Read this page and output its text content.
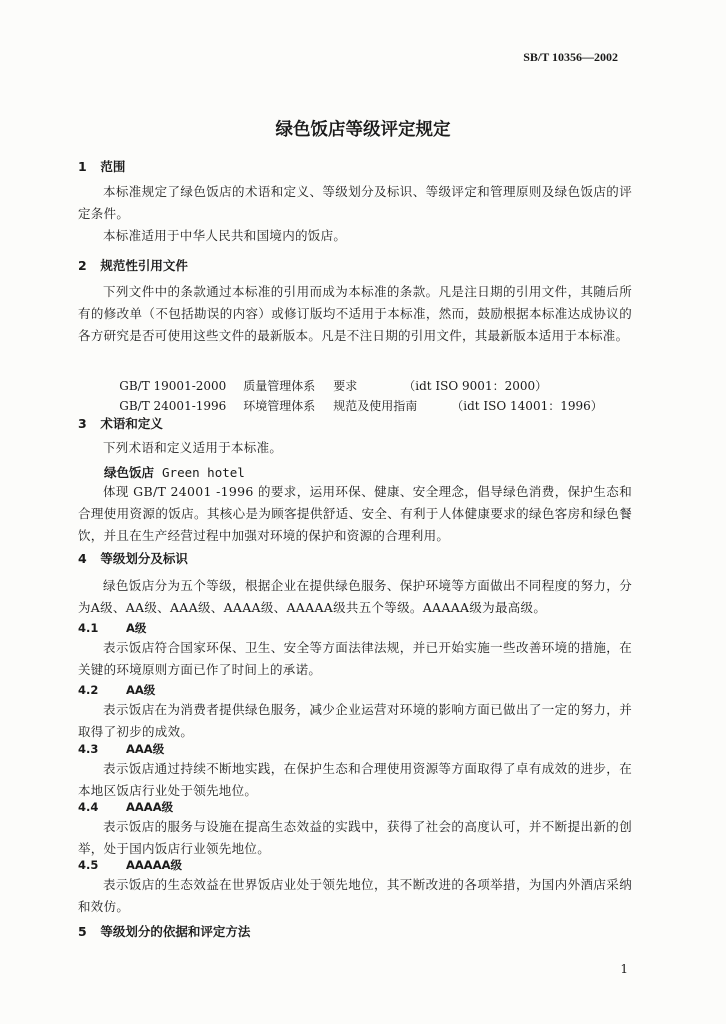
SB/T 10356—2002
绿色饭店等级评定规定
1 范围
本标准规定了绿色饭店的术语和定义、等级划分及标识、等级评定和管理原则及绿色饭店的评定条件。
本标准适用于中华人民共和国境内的饭店。
2 规范性引用文件
下列文件中的条款通过本标准的引用而成为本标准的条款。凡是注日期的引用文件，其随后所有的修改单（不包括勘误的内容）或修订版均不适用于本标准，然而，鼓励根据本标准达成协议的各方研究是否可使用这些文件的最新版本。凡是不注日期的引用文件，其最新版本适用于本标准。

GB/T 19001-2000 质量管理体系 要求	（idt ISO 9001：2000）

GB/T 24001-1996 环境管理体系 规范及使用指南	（idt ISO 14001：1996）

3 术语和定义
下列术语和定义适用于本标准。
绿色饭店 Green hotel
体现 GB/T 24001 -1996 的要求，运用环保、健康、安全理念，倡导绿色消费，保护生态和合理使用资源的饭店。其核心是为顾客提供舒适、安全、有利于人体健康要求的绿色客房和绿色餐饮，并且在生产经营过程中加强对环境的保护和资源的合理利用。
4 等级划分及标识
绿色饭店分为五个等级，根据企业在提供绿色服务、保护环境等方面做出不同程度的努力，分为A级、AA级、AAA级、AAAA级、AAAAA级共五个等级。AAAAA级为最高级。
4.1 A级
表示饭店符合国家环保、卫生、安全等方面法律法规，并已开始实施一些改善环境的措施，在关键的环境原则方面已作了时间上的承诺。
4.2 AA级
表示饭店在为消费者提供绿色服务，减少企业运营对环境的影响方面已做出了一定的努力，并取得了初步的成效。
4.3 AAA级
表示饭店通过持续不断地实践，在保护生态和合理使用资源等方面取得了卓有成效的进步，在本地区饭店行业处于领先地位。
4.4 AAAA级
表示饭店的服务与设施在提高生态效益的实践中，获得了社会的高度认可，并不断提出新的创举，处于国内饭店行业领先地位。
4.5 AAAAA级
表示饭店的生态效益在世界饭店业处于领先地位，其不断改进的各项举措，为国内外酒店采纳和效仿。
5 等级划分的依据和评定方法
1
